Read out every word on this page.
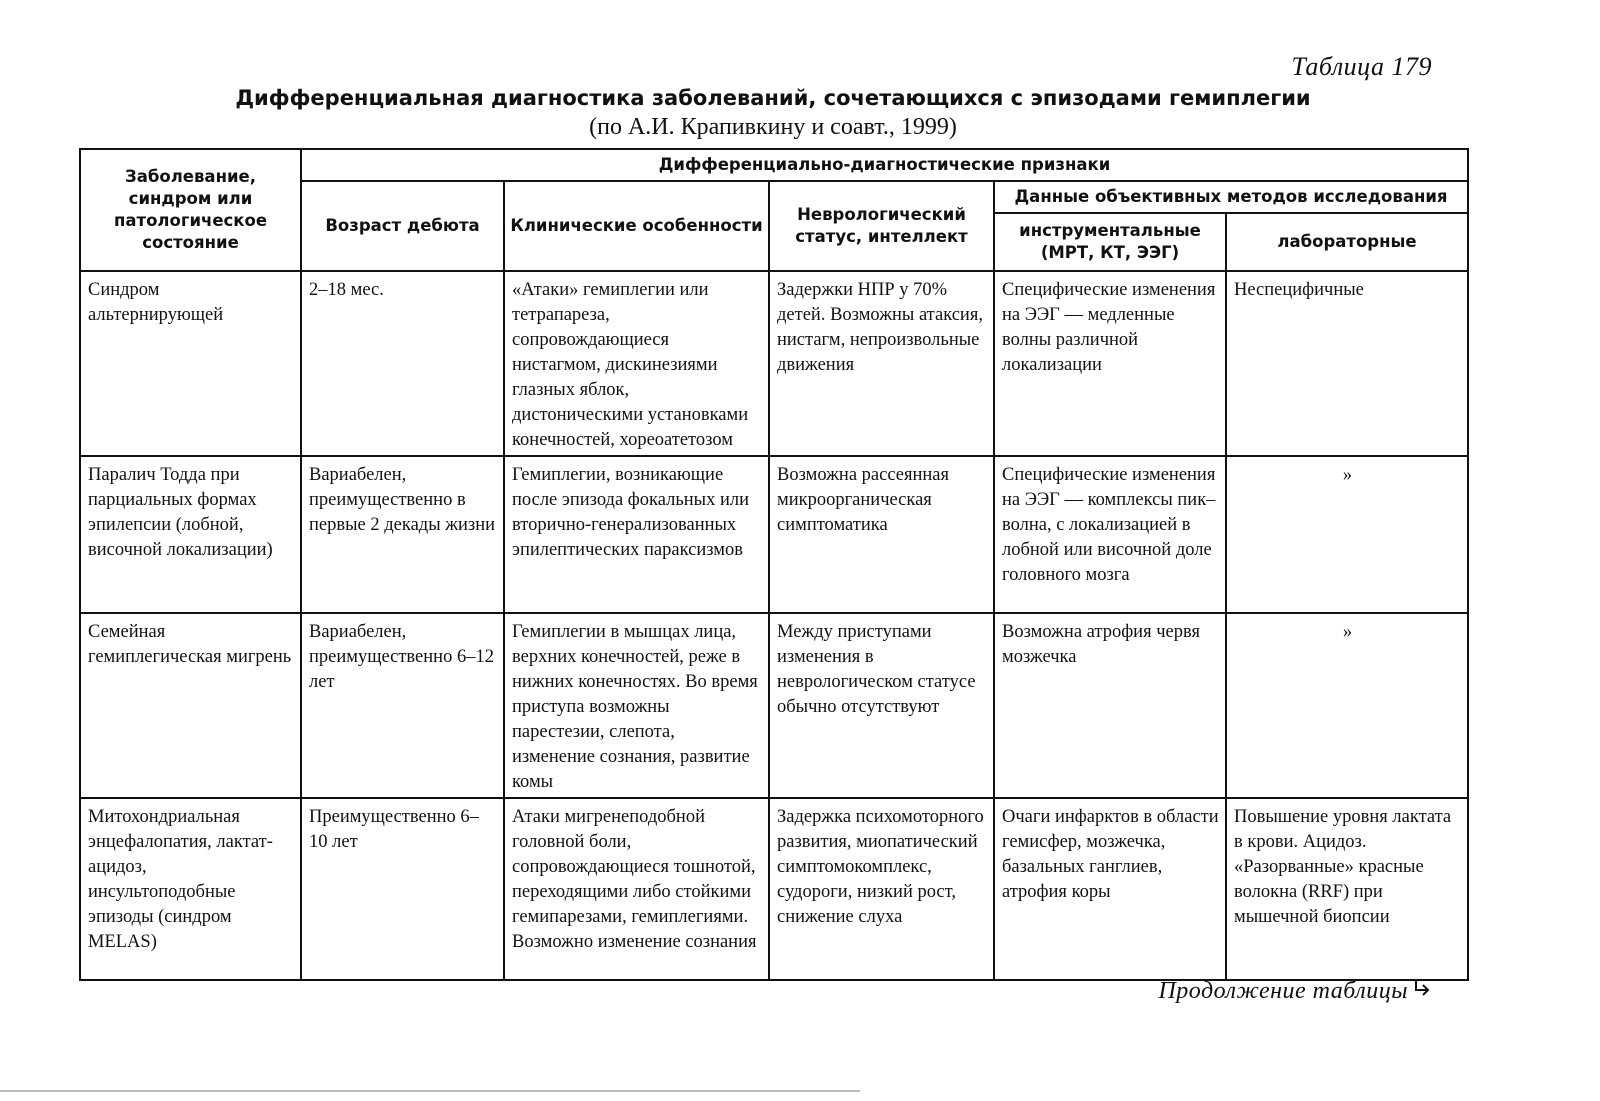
Таблица 179
Дифференциальная диагностика заболеваний, сочетающихся с эпизодами гемиплегии
(по А.И. Крапивкину и соавт., 1999)
Заболевание, синдром или патологическое состояние	Дифференциально-диагностические признаки				
	Возраст дебюта	Клинические особенности	Неврологический статус, интеллект	Данные объективных методов исследования	
				инструментальные (МРТ, КТ, ЭЭГ)	лабораторные
Синдром альтернирующей	2–18 мес.	«Атаки» гемиплегии или тетрапареза, сопровождающиеся нистагмом, дискинезиями глазных яблок, дистоническими установками конечностей, хореоатетозом	Задержки НПР у 70% детей. Возможны атаксия, нистагм, непроизвольные движения	Специфические изменения на ЭЭГ — медленные волны различной локализации	Неспецифичные
Паралич Тодда при парциальных формах эпилепсии (лобной, височной локализации)	Вариабелен, преимущественно в первые 2 декады жизни	Гемиплегии, возникающие после эпизода фокальных или вторично-генерализованных эпилептических параксизмов	Возможна рассеянная микроорганическая симптоматика	Специфические изменения на ЭЭГ — комплексы пик–волна, с локализацией в лобной или височной доле головного мозга	»
Семейная гемиплегическая мигрень	Вариабелен, преимущественно 6–12 лет	Гемиплегии в мышцах лица, верхних конечностей, реже в нижних конечностях. Во время приступа возможны парестезии, слепота, изменение сознания, развитие комы	Между приступами изменения в неврологическом статусе обычно отсутствуют	Возможна атрофия червя мозжечка	»
Митохондриальная энцефалопатия, лактат-ацидоз, инсультоподобные эпизоды (синдром MELAS)	Преимущественно 6–10 лет	Атаки мигренеподобной головной боли, сопровождающиеся тошнотой, переходящими либо стойкими гемипарезами, гемиплегиями. Возможно изменение сознания	Задержка психомоторного развития, миопатический симптомокомплекс, судороги, низкий рост, снижение слуха	Очаги инфарктов в области гемисфер, мозжечка, базальных ганглиев, атрофия коры	Повышение уровня лактата в крови. Ацидоз. «Разорванные» красные волокна (RRF) при мышечной биопсии
Продолжение таблицы
